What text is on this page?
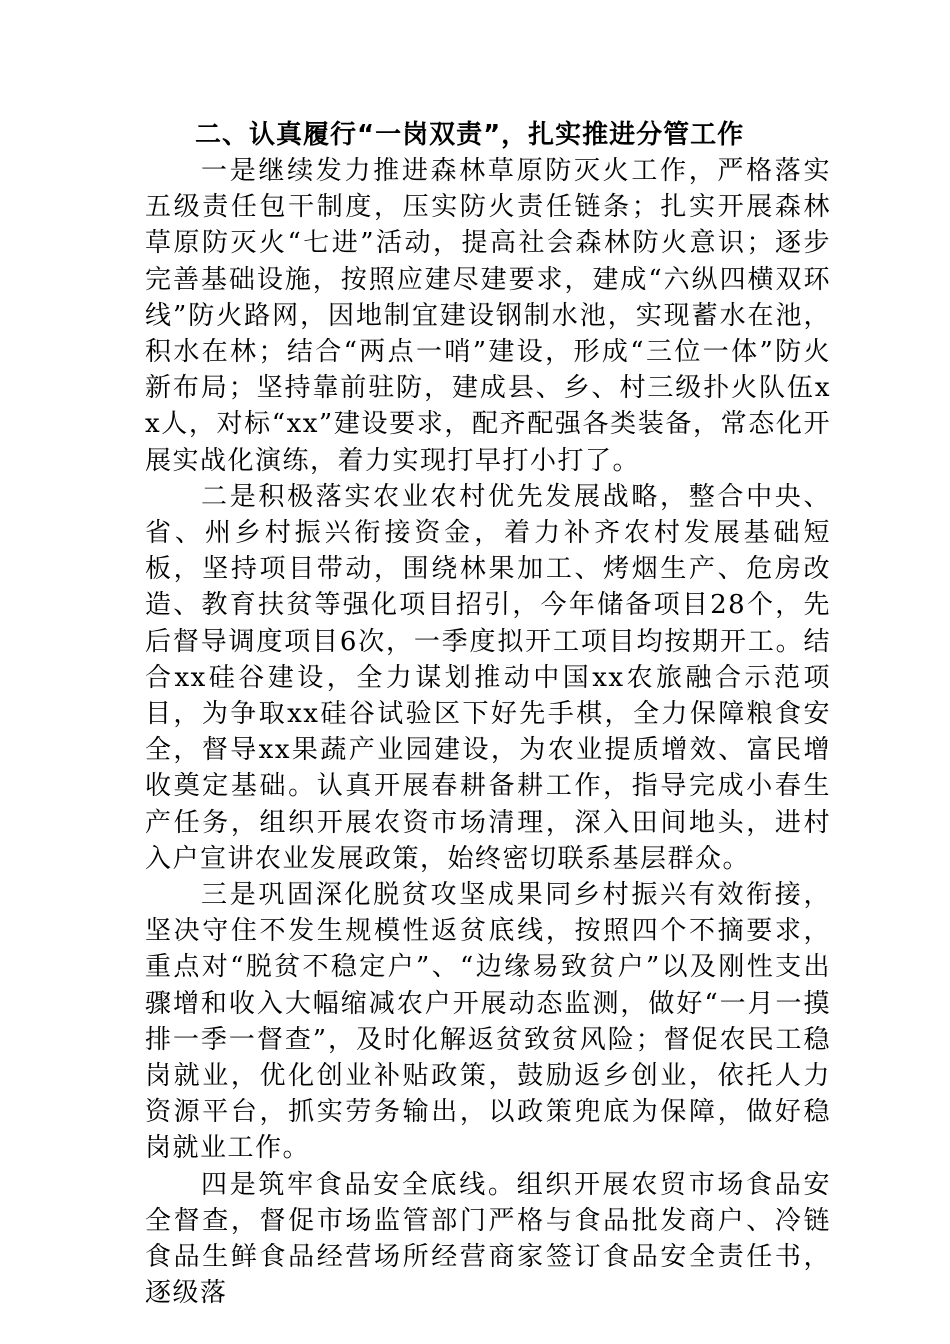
二、认真履行“一岗双责”，扎实推进分管工作

一是继续发力推进森林草原防灭火工作，严格落实五级责任包干制度，压实防火责任链条；扎实开展森林草原防灭火“七进”活动，提高社会森林防火意识；逐步完善基础设施，按照应建尽建要求，建成“六纵四横双环线”防火路网，因地制宜建设钢制水池，实现蓄水在池，积水在林；结合“两点一哨”建设，形成“三位一体”防火新布局；坚持靠前驻防，建成县、乡、村三级扑火队伍xx人，对标“xx”建设要求，配齐配强各类装备，常态化开展实战化演练，着力实现打早打小打了。

二是积极落实农业农村优先发展战略，整合中央、省、州乡村振兴衔接资金，着力补齐农村发展基础短板，坚持项目带动，围绕林果加工、烤烟生产、危房改造、教育扶贫等强化项目招引，今年储备项目28个，先后督导调度项目6次，一季度拟开工项目均按期开工。结合xx硅谷建设，全力谋划推动中国xx农旅融合示范项目，为争取xx硅谷试验区下好先手棋，全力保障粮食安全，督导xx果蔬产业园建设，为农业提质增效、富民增收奠定基础。认真开展春耕备耕工作，指导完成小春生产任务，组织开展农资市场清理，深入田间地头，进村入户宣讲农业发展政策，始终密切联系基层群众。

三是巩固深化脱贫攻坚成果同乡村振兴有效衔接，坚决守住不发生规模性返贫底线，按照四个不摘要求，重点对“脱贫不稳定户”、“边缘易致贫户”以及刚性支出骤增和收入大幅缩减农户开展动态监测，做好“一月一摸排一季一督查”，及时化解返贫致贫风险；督促农民工稳岗就业，优化创业补贴政策，鼓励返乡创业，依托人力资源平台，抓实劳务输出，以政策兜底为保障，做好稳岗就业工作。

四是筑牢食品安全底线。组织开展农贸市场食品安全督查，督促市场监管部门严格与食品批发商户、冷链食品生鲜食品经营场所经营商家签订食品安全责任书，逐级落
